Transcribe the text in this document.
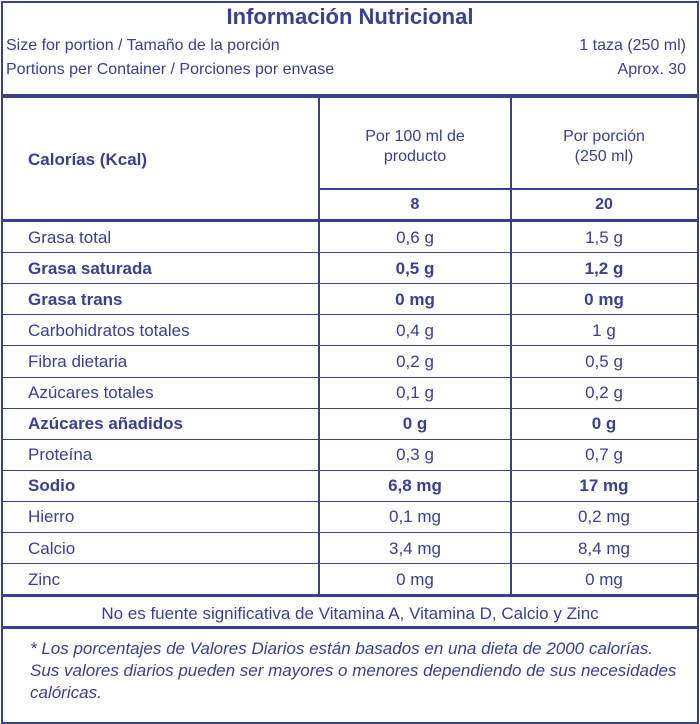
Información Nutricional
Size for portion / Tamaño de la porción	1 taza (250 ml)
Portions per Container / Porciones por envase	Aprox. 30
Calorías (Kcal)
Por 100 ml de
producto
Por porción
(250 ml)
8	20
Grasa total	0,6 g	1,5 g
Grasa saturada	0,5 g	1,2 g
Grasa trans	0 mg	0 mg
Carbohidratos totales	0,4 g	1 g
Fibra dietaria	0,2 g	0,5 g
Azúcares totales	0,1 g	0,2 g
Azúcares añadidos	0 g	0 g
Proteína	0,3 g	0,7 g
Sodio	6,8 mg	17 mg
Hierro	0,1 mg	0,2 mg
Calcio	3,4 mg	8,4 mg
Zinc	0 mg	0 mg
No es fuente significativa de Vitamina A, Vitamina D, Calcio y Zinc
* Los porcentajes de Valores Diarios están basados en una dieta de 2000 calorías. Sus valores diarios pueden ser mayores o menores dependiendo de sus necesidades calóricas.
